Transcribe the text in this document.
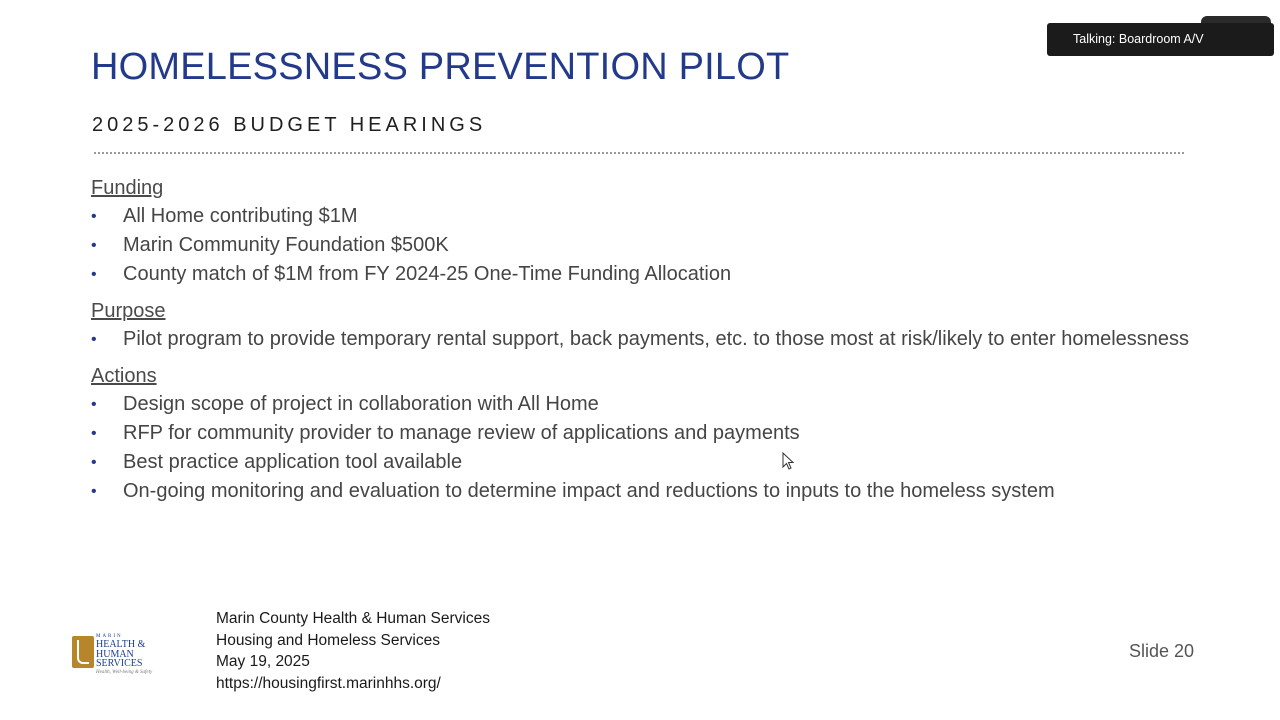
HOMELESSNESS PREVENTION PILOT
2025-2026 BUDGET HEARINGS
Funding
• All Home contributing $1M
• Marin Community Foundation $500K
• County match of $1M from FY 2024-25 One-Time Funding Allocation
Purpose
• Pilot program to provide temporary rental support, back payments, etc. to those most at risk/likely to enter homelessness
Actions
• Design scope of project in collaboration with All Home
• RFP for community provider to manage review of applications and payments
• Best practice application tool available
• On-going monitoring and evaluation to determine impact and reductions to inputs to the homeless system
MARIN
HEALTH &
HUMAN
SERVICES
Health, Well-being & Safety
Marin County Health & Human Services
Housing and Homeless Services
May 19, 2025
https://housingfirst.marinhhs.org/
Slide 20
Talking: Boardroom A/V
